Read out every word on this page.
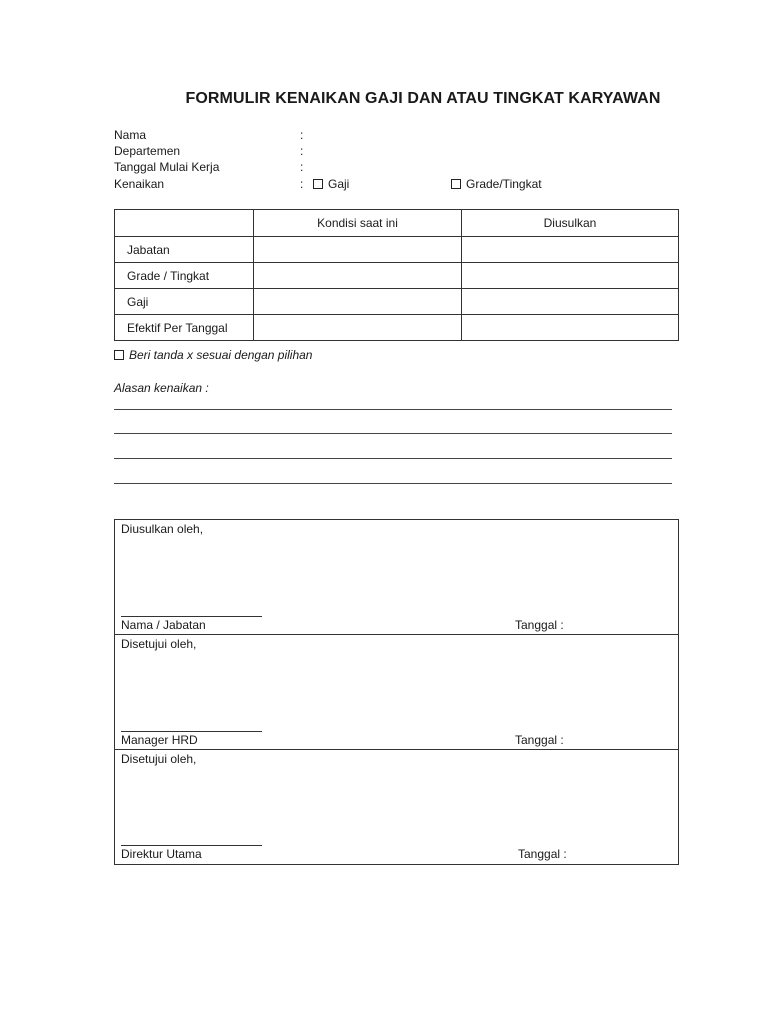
FORMULIR KENAIKAN GAJI DAN ATAU TINGKAT KARYAWAN
Nama	:
Departemen	:
Tanggal Mulai Kerja	:
Kenaikan	:	Gaji	Grade/Tingkat
	Kondisi saat ini	Diusulkan
Jabatan		
Grade / Tingkat		
Gaji		
Efektif Per Tanggal		
Beri tanda x sesuai dengan pilihan
Alasan kenaikan :
Diusulkan oleh,
Nama / Jabatan	Tanggal :
Disetujui oleh,
Manager HRD	Tanggal :
Disetujui oleh,
Direktur Utama	Tanggal :
